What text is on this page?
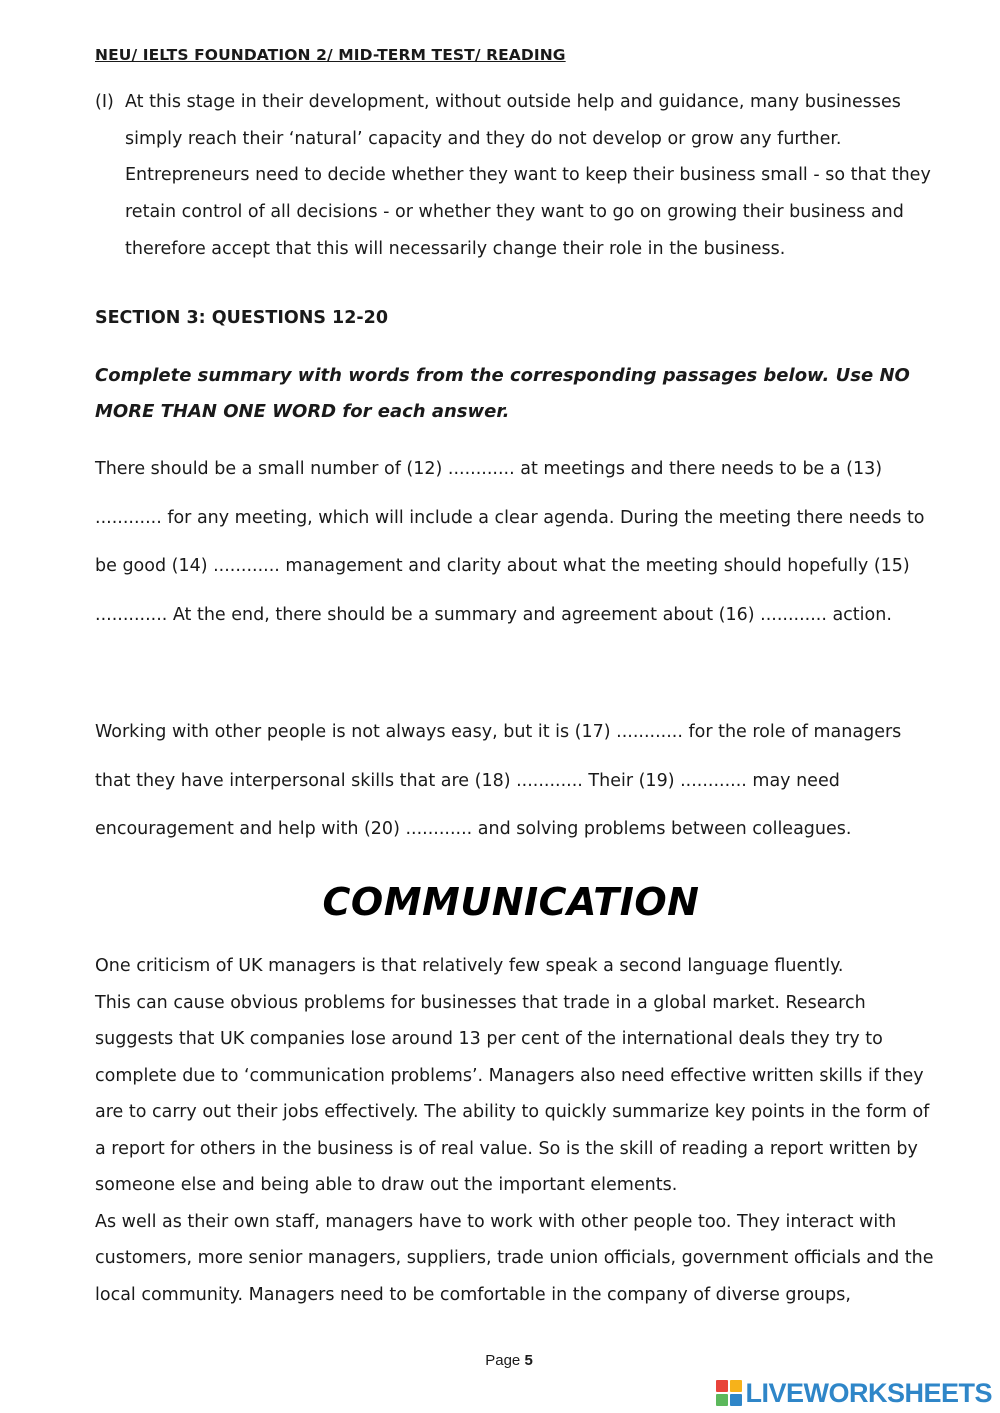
NEU/ IELTS FOUNDATION 2/ MID-TERM TEST/ READING
(I) At this stage in their development, without outside help and guidance, many businesses simply reach their ‘natural’ capacity and they do not develop or grow any further. Entrepreneurs need to decide whether they want to keep their business small - so that they retain control of all decisions - or whether they want to go on growing their business and therefore accept that this will necessarily change their role in the business.
SECTION 3: QUESTIONS 12-20
Complete summary with words from the corresponding passages below. Use NO MORE THAN ONE WORD for each answer.
There should be a small number of (12) ............ at meetings and there needs to be a (13) ............ for any meeting, which will include a clear agenda. During the meeting there needs to be good (14) ............ management and clarity about what the meeting should hopefully (15) ............. At the end, there should be a summary and agreement about (16) ............ action.
Working with other people is not always easy, but it is (17) ............ for the role of managers that they have interpersonal skills that are (18) ............ Their (19) ............ may need encouragement and help with (20) ............ and solving problems between colleagues.
COMMUNICATION

One criticism of UK managers is that relatively few speak a second language fluently.

This can cause obvious problems for businesses that trade in a global market. Research suggests that UK companies lose around 13 per cent of the international deals they try to complete due to ‘communication problems’. Managers also need effective written skills if they are to carry out their jobs effectively. The ability to quickly summarize key points in the form of a report for others in the business is of real value. So is the skill of reading a report written by someone else and being able to draw out the important elements.

As well as their own staff, managers have to work with other people too. They interact with customers, more senior managers, suppliers, trade union officials, government officials and the local community. Managers need to be comfortable in the company of diverse groups,

Page 5
LIVEWORKSHEETS
